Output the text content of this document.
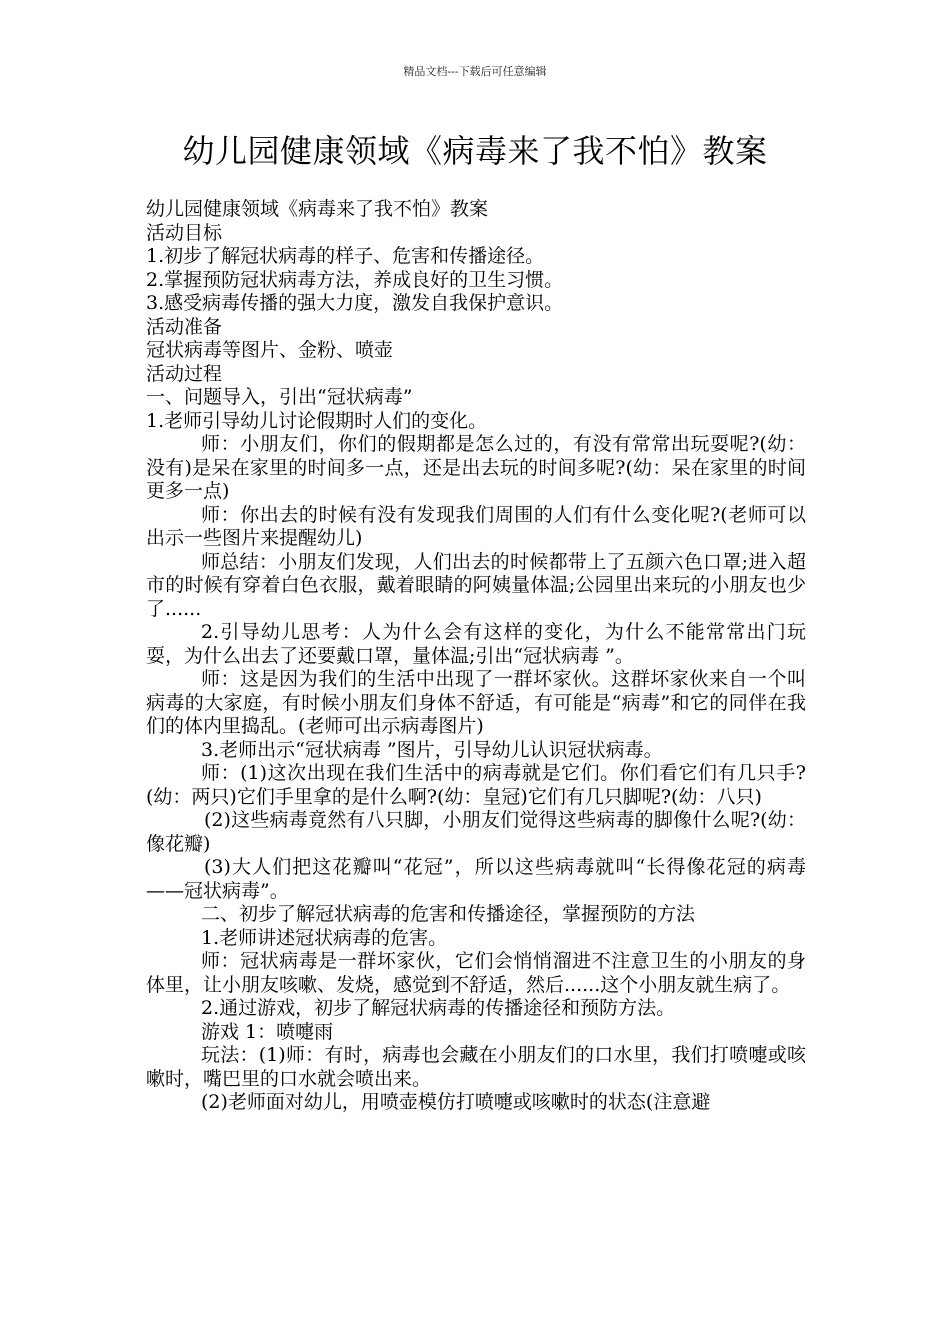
精品文档---下载后可任意编辑
幼儿园健康领域《病毒来了我不怕》教案

幼儿园健康领域《病毒来了我不怕》教案

活动目标

1.初步了解冠状病毒的样子、危害和传播途径。

2.掌握预防冠状病毒方法，养成良好的卫生习惯。

3.感受病毒传播的强大力度，激发自我保护意识。

活动准备

冠状病毒等图片、金粉、喷壶

活动过程

一、问题导入，引出“冠状病毒”

1.老师引导幼儿讨论假期时人们的变化。

师：小朋友们，你们的假期都是怎么过的，有没有常常出玩耍呢?(幼：没有)是呆在家里的时间多一点，还是出去玩的时间多呢?(幼：呆在家里的时间更多一点)

师：你出去的时候有没有发现我们周围的人们有什么变化呢?(老师可以出示一些图片来提醒幼儿)

师总结：小朋友们发现，人们出去的时候都带上了五颜六色口罩;进入超市的时候有穿着白色衣服，戴着眼睛的阿姨量体温;公园里出来玩的小朋友也少了......

2.引导幼儿思考：人为什么会有这样的变化，为什么不能常常出门玩耍，为什么出去了还要戴口罩，量体温;引出“冠状病毒 ”。

师：这是因为我们的生活中出现了一群坏家伙。这群坏家伙来自一个叫病毒的大家庭，有时候小朋友们身体不舒适，有可能是“病毒”和它的同伴在我们的体内里捣乱。(老师可出示病毒图片)

3.老师出示“冠状病毒 ”图片，引导幼儿认识冠状病毒。

师：(1)这次出现在我们生活中的病毒就是它们。你们看它们有几只手?(幼：两只)它们手里拿的是什么啊?(幼：皇冠)它们有几只脚呢?(幼：八只)

(2)这些病毒竟然有八只脚，小朋友们觉得这些病毒的脚像什么呢?(幼：像花瓣)

(3)大人们把这花瓣叫“花冠”，所以这些病毒就叫“长得像花冠的病毒——冠状病毒”。

二、初步了解冠状病毒的危害和传播途径，掌握预防的方法

1.老师讲述冠状病毒的危害。

师：冠状病毒是一群坏家伙，它们会悄悄溜进不注意卫生的小朋友的身体里，让小朋友咳嗽、发烧，感觉到不舒适，然后......这个小朋友就生病了。

2.通过游戏，初步了解冠状病毒的传播途径和预防方法。

游戏 1：喷嚏雨

玩法：(1)师：有时，病毒也会藏在小朋友们的口水里，我们打喷嚏或咳嗽时，嘴巴里的口水就会喷出来。

(2)老师面对幼儿，用喷壶模仿打喷嚏或咳嗽时的状态(注意避
